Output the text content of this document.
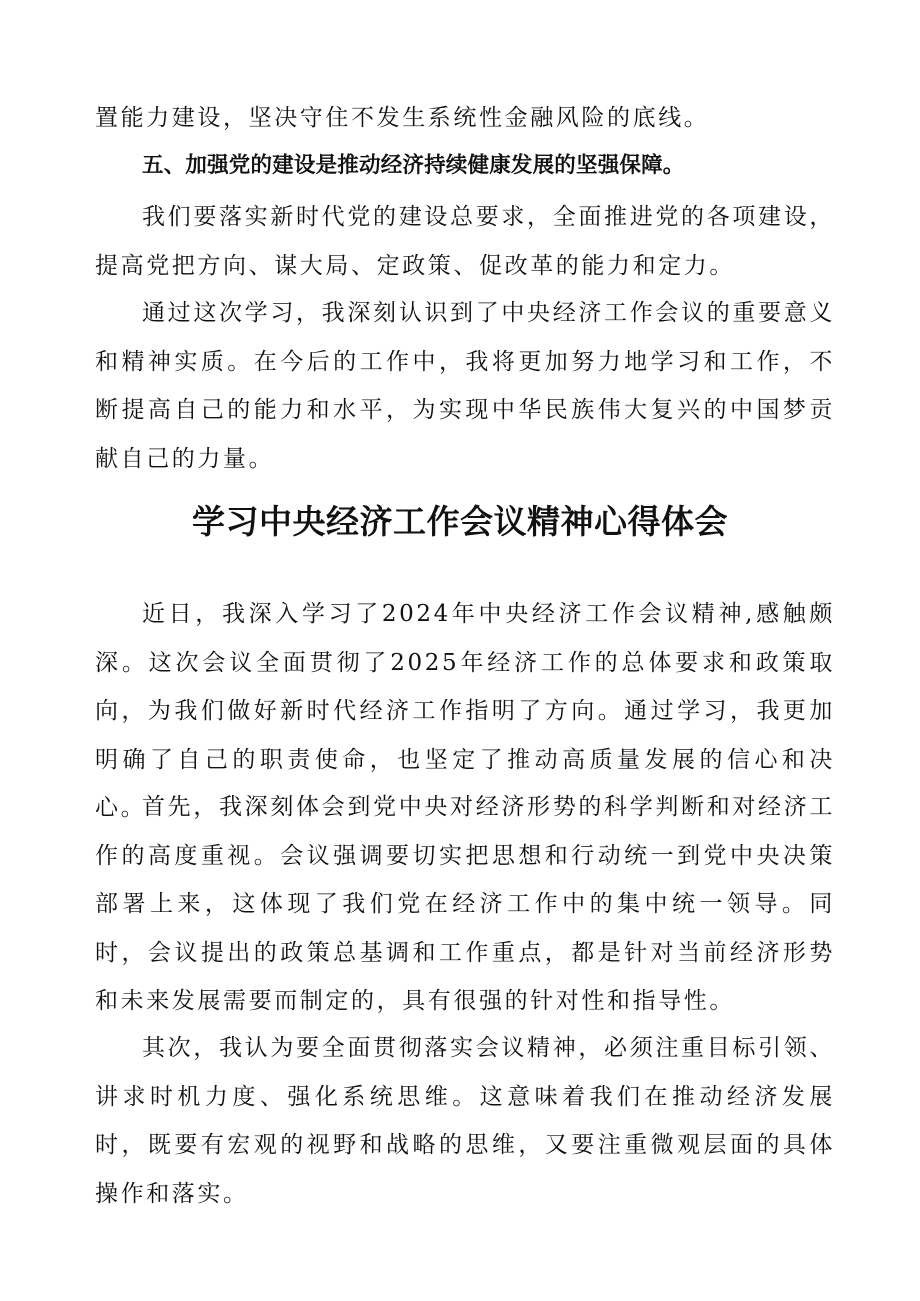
置能力建设，坚决守住不发生系统性金融风险的底线。

五、加强党的建设是推动经济持续健康发展的坚强保障。

我们要落实新时代党的建设总要求，全面推进党的各项建设，提高党把方向、谋大局、定政策、促改革的能力和定力。

通过这次学习，我深刻认识到了中央经济工作会议的重要意义和精神实质。在今后的工作中，我将更加努力地学习和工作，不断提高自己的能力和水平，为实现中华民族伟大复兴的中国梦贡献自己的力量。

学习中央经济工作会议精神心得体会

近日，我深入学习了2024年中央经济工作会议精神,感触颇深。这次会议全面贯彻了2025年经济工作的总体要求和政策取向，为我们做好新时代经济工作指明了方向。通过学习，我更加明确了自己的职责使命，也坚定了推动高质量发展的信心和决心。

首先，我深刻体会到党中央对经济形势的科学判断和对经济工作的高度重视。会议强调要切实把思想和行动统一到党中央决策部署上来，这体现了我们党在经济工作中的集中统一领导。同时，会议提出的政策总基调和工作重点，都是针对当前经济形势和未来发展需要而制定的，具有很强的针对性和指导性。

其次，我认为要全面贯彻落实会议精神，必须注重目标引领、讲求时机力度、强化系统思维。这意味着我们在推动经济发展时，既要有宏观的视野和战略的思维，又要注重微观层面的具体操作和落实。
